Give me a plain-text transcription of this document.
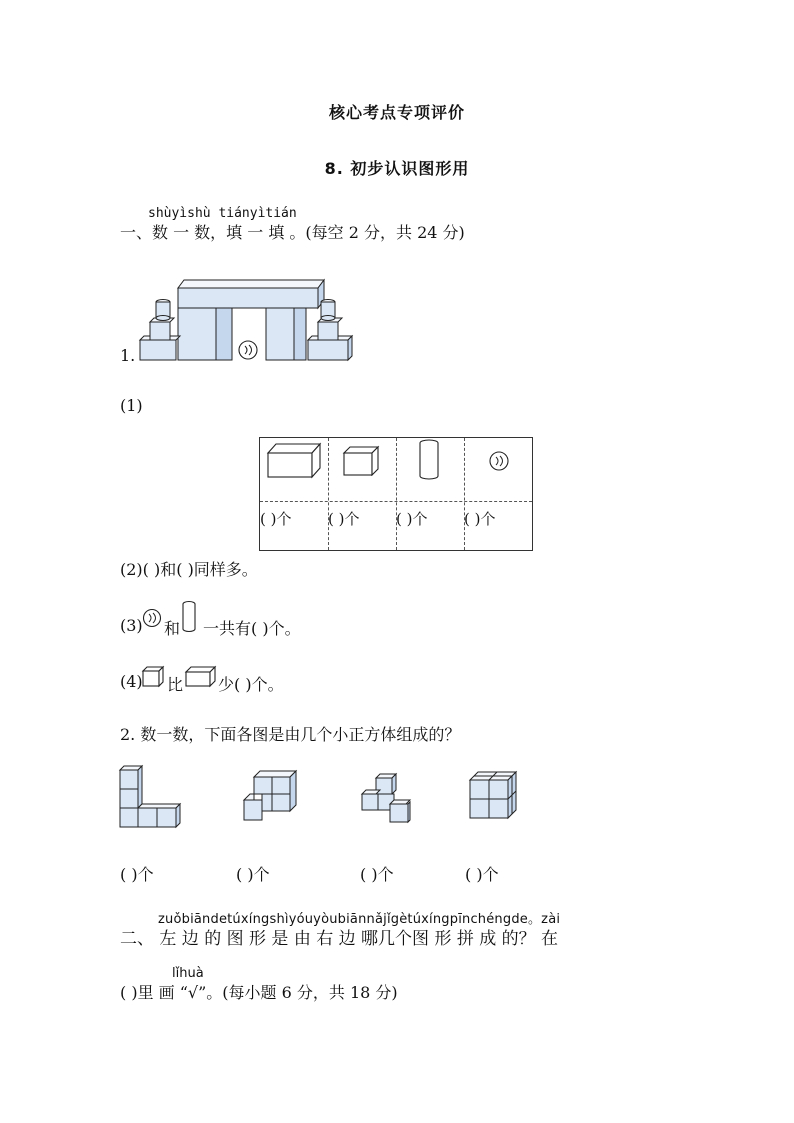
核心考点专项评价
8. 初步认识图形用
shùyìshù tiányìtián
一、数 一 数，填 一 填 。(每空 2 分，共 24 分)
1.
(1)
( )个	( )个	( )个	( )个
(2)( )和( )同样多。
(3) 和 一共有( )个。
(4) 比 少( )个。
2. 数一数，下面各图是由几个小正方体组成的？
( )个	( )个	( )个	( )个
zuǒbiāndetúxíngshìyóuyòubiānnǎjǐgètúxíngpīnchéngde。zài
二、 左 边 的 图 形 是 由 右 边 哪几个图 形 拼 成 的？ 在
lǐhuà
( )里 画 “√”。(每小题 6 分，共 18 分)
